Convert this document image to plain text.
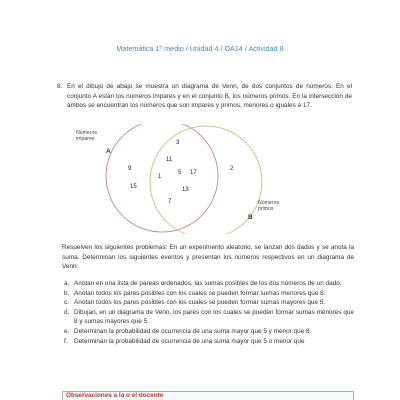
Matemática 1º medio / Unidad 4 / OA14 / Actividad 8
8. En el dibujo de abajo se muestra un diagrama de Venn, de dos conjuntos de números. En el conjunto A están los números impares y en el conjunto B, los números primos. En la intersección de ambos se encuentran los números que son impares y primos, menores o iguales a 17.
Números impares
A
Números primos
B
9
15
1
3
11
5 17
13
7
2
Resuelven los siguientes problemas: En un experimento aleatorio, se lanzan dos dados y se anota la suma. Determinan los siguientes eventos y presentan los números respectivos en un diagrama de Venn:
a. Anotan en una lista de pareas ordenados, las sumas posibles de los dos números de un dado.
b. Anotan todos los pares posibles con los cuales se pueden formar sumas menores que 8.
c. Anotan todos los pares posibles con los cuales se pueden formar sumas mayores que 5.
d. Dibujan, en un diagrama de Venn, los pares con los cuales se pueden formar sumas menores que 8 y sumas mayores que 5.
e. Determinan la probabilidad de ocurrencia de una suma mayor que 5 y menor que 8.
f. Determinan la probabilidad de ocurrencia de una suma mayor que 5 o menor que
Observaciones a la o el docente
